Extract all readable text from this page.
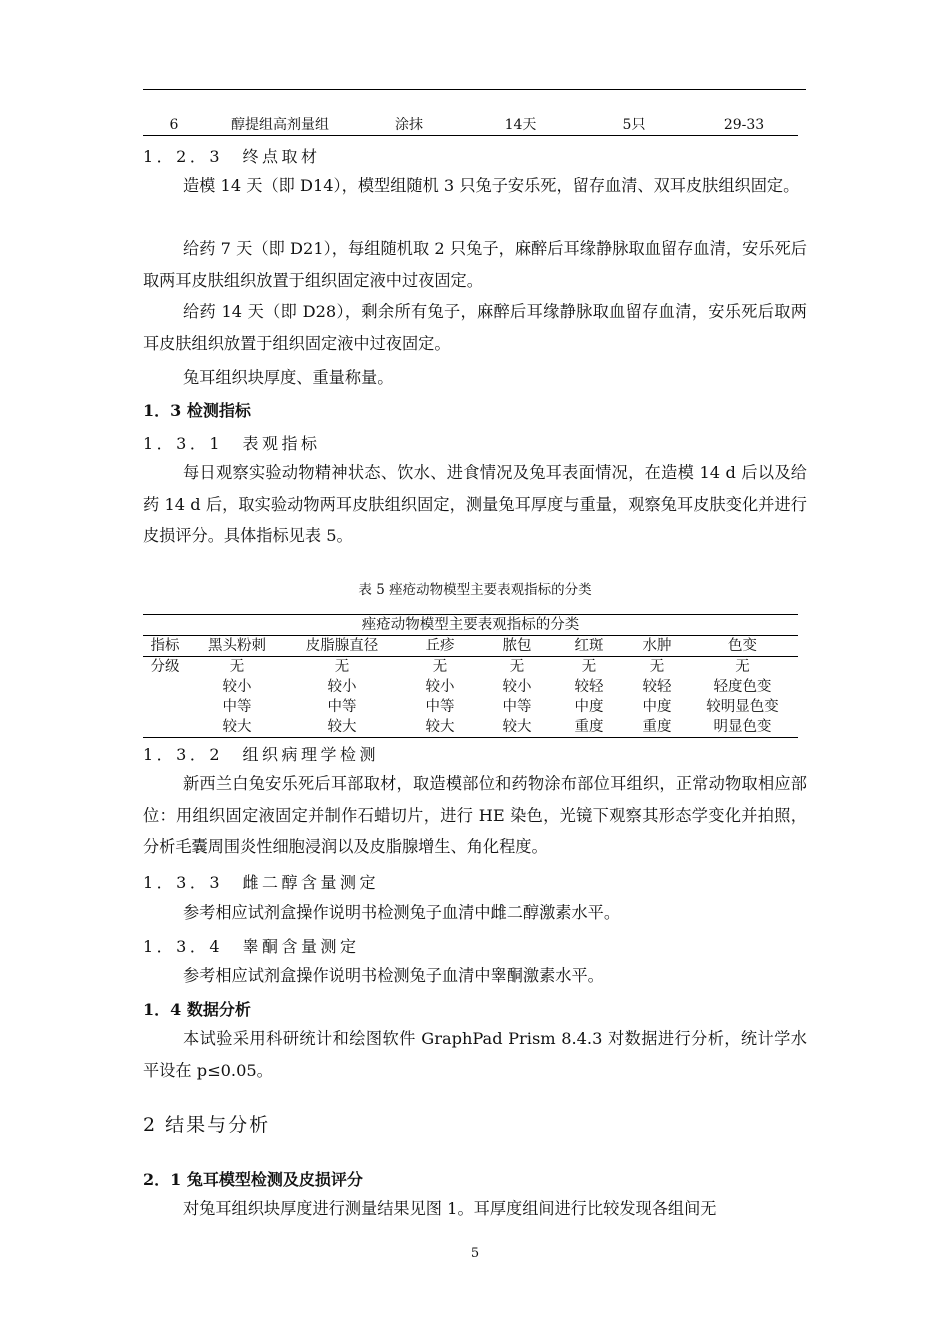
6	醇提组高剂量组	涂抹	14天	5只	29-33
1．2．3　终点取材
造模 14 天（即 D14），模型组随机 3 只兔子安乐死，留存血清、双耳皮肤组织固定。
给药 7 天（即 D21），每组随机取 2 只兔子，麻醉后耳缘静脉取血留存血清，安乐死后取两耳皮肤组织放置于组织固定液中过夜固定。
给药 14 天（即 D28），剩余所有兔子，麻醉后耳缘静脉取血留存血清，安乐死后取两耳皮肤组织放置于组织固定液中过夜固定。
兔耳组织块厚度、重量称量。
1．3 检测指标
1．3．1　表观指标
每日观察实验动物精神状态、饮水、进食情况及兔耳表面情况，在造模 14 d 后以及给药 14 d 后，取实验动物两耳皮肤组织固定，测量兔耳厚度与重量，观察兔耳皮肤变化并进行皮损评分。具体指标见表 5。
表 5 痤疮动物模型主要表观指标的分类
痤疮动物模型主要表观指标的分类							
指标	黑头粉刺	皮脂腺直径	丘疹	脓包	红斑	水肿	色变
分级	无	无	无	无	无	无	无
	较小	较小	较小	较小	较轻	较轻	轻度色变
	中等	中等	中等	中等	中度	中度	较明显色变
	较大	较大	较大	较大	重度	重度	明显色变
1．3．2　组织病理学检测
新西兰白兔安乐死后耳部取材，取造模部位和药物涂布部位耳组织，正常动物取相应部位：用组织固定液固定并制作石蜡切片，进行 HE 染色，光镜下观察其形态学变化并拍照，分析毛囊周围炎性细胞浸润以及皮脂腺增生、角化程度。
1．3．3　雌二醇含量测定
参考相应试剂盒操作说明书检测兔子血清中雌二醇激素水平。
1．3．4　睾酮含量测定
参考相应试剂盒操作说明书检测兔子血清中睾酮激素水平。
1．4 数据分析
本试验采用科研统计和绘图软件 GraphPad Prism 8.4.3 对数据进行分析，统计学水平设在 p≤0.05。
2 结果与分析
2．1 兔耳模型检测及皮损评分
对兔耳组织块厚度进行测量结果见图 1。耳厚度组间进行比较发现各组间无
5
